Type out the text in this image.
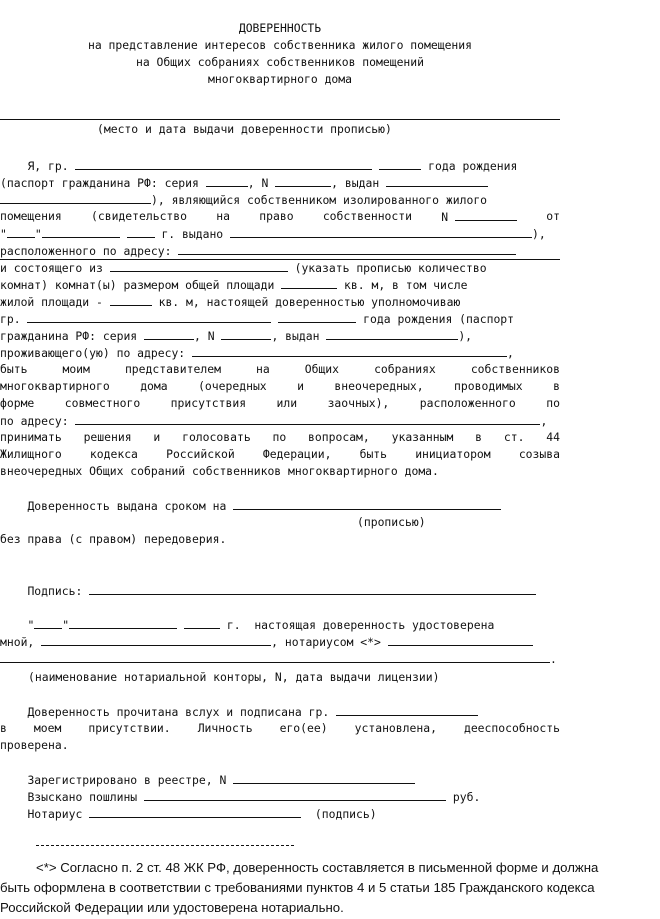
ДОВЕРЕННОСТЬ
на представление интересов собственника жилого помещения
на Общих собраниях собственников помещений
многоквартирного дома
(место и дата выдачи доверенности прописью)
Я, гр.	года рождения
(паспорт гражданина РФ: серия	, N	, выдан
), являющийся собственником изолированного жилого
помещения	(свидетельство	на	право	собственности	N	от
" "	г. выдано	),
расположенного по адресу:
и состоящего из	(указать прописью количество
комнат) комнат(ы) размером общей площади	кв. м, в том числе
жилой площади -	кв. м, настоящей доверенностью уполномочиваю
гр.	года рождения (паспорт
гражданина РФ: серия	, N	, выдан	),
проживающего(ую) по адресу:	,
быть	моим	представителем	на	Общих	собраниях	собственников
многоквартирного	дома	(очередных	и	внеочередных,	проводимых	в
форме	совместного	присутствия	или	заочных),	расположенного	по
по адресу:	,
принимать решения и голосовать по вопросам, указанным в ст. 44
Жилищного кодекса Российской Федерации, быть инициатором созыва
внеочередных Общих собраний собственников многоквартирного дома.
Доверенность выдана сроком на
(прописью)
без права (с правом) передоверия.
Подпись:
" "	г. настоящая доверенность удостоверена
мной,	, нотариусом <*>
.
(наименование нотариальной конторы, N, дата выдачи лицензии)
Доверенность прочитана вслух и подписана гр.
в моем присутствии. Личность его(ее) установлена, дееспособность
проверена.
Зарегистрировано в реестре, N
Взыскано пошлины	руб.
Нотариус	(подпись)
<*> Согласно п. 2 ст. 48 ЖК РФ, доверенность составляется в письменной форме и должна
быть оформлена в соответствии с требованиями пунктов 4 и 5 статьи 185 Гражданского кодекса
Российской Федерации или удостоверена нотариально.
